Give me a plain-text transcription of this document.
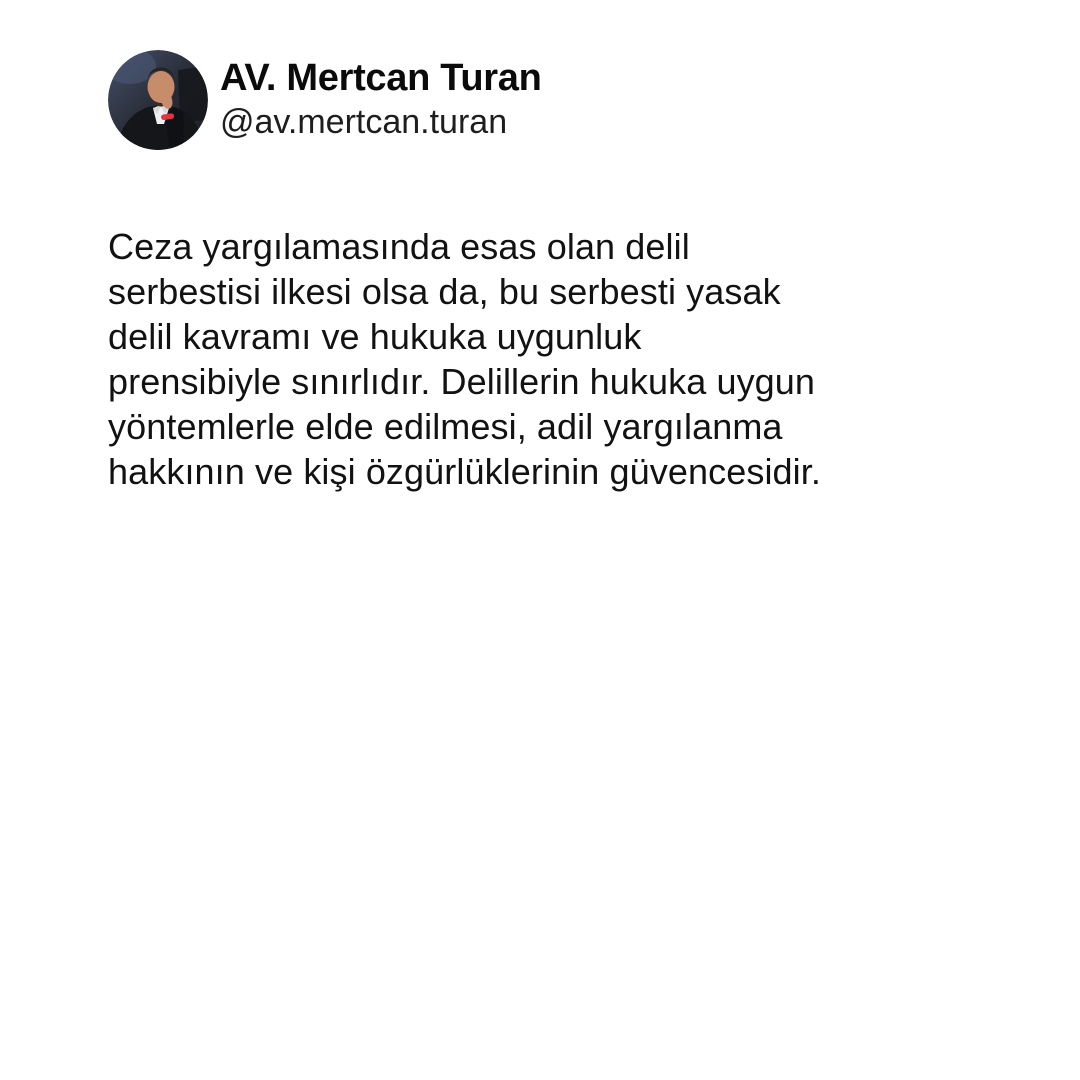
AV. Mertcan Turan
@av.mertcan.turan

Ceza yargılamasında esas olan delil

serbestisi ilkesi olsa da, bu serbesti yasak

delil kavramı ve hukuka uygunluk

prensibiyle sınırlıdır. Delillerin hukuka uygun

yöntemlerle elde edilmesi, adil yargılanma

hakkının ve kişi özgürlüklerinin güvencesidir.
